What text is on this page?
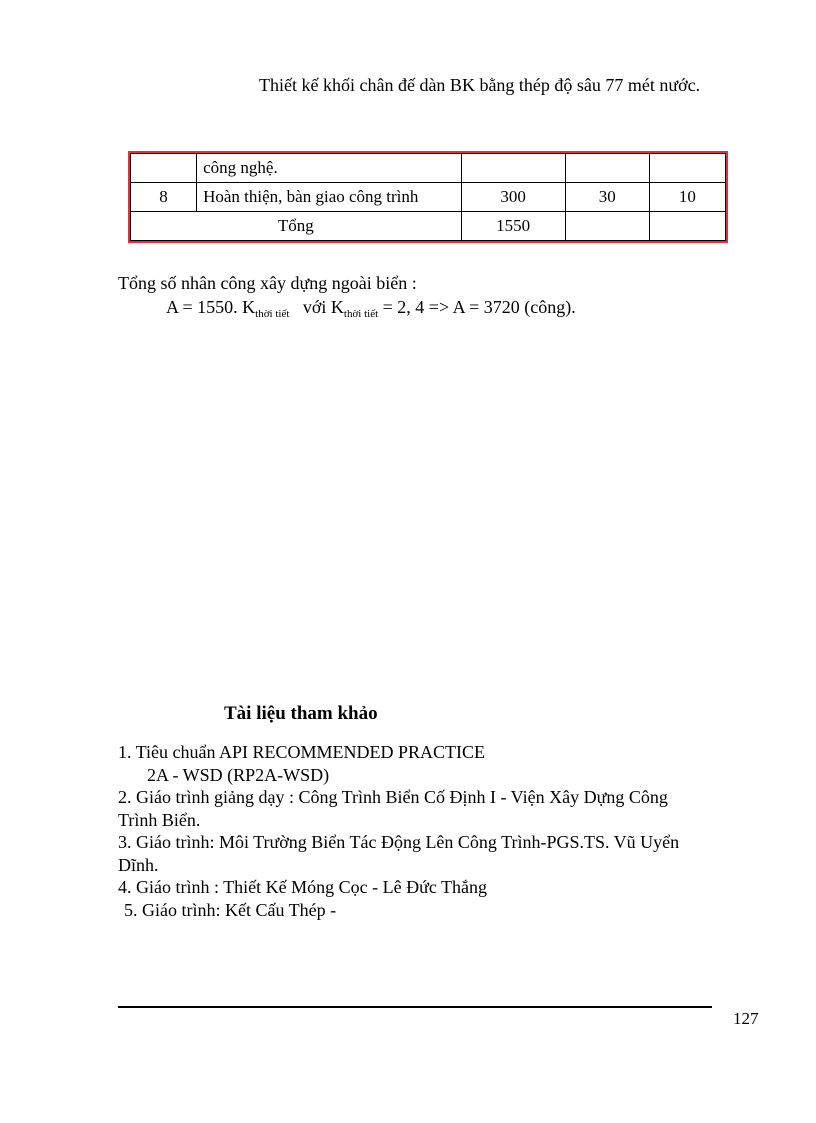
Thiết kế khối chân đế dàn BK bằng thép độ sâu 77 mét nước.
	công nghệ.			
8	Hoàn thiện, bàn giao công trình	300	30	10
Tổng		1550		
Tổng số nhân công xây dựng ngoài biển :
A = 1550. $K_{thời tiết}$ với $K_{thời tiết} = 2$, 4 => A = 3720 (công).
Tài liệu tham khảo
1. Tiêu chuẩn API RECOMMENDED PRACTICE
2A - WSD (RP2A-WSD)
2. Giáo trình giảng dạy : Công Trình Biển Cố Định I - Viện Xây Dựng Công
Trình Biển.
3. Giáo trình: Môi Trường Biển Tác Động Lên Công Trình-PGS.TS. Vũ Uyển
Dĩnh.
4. Giáo trình : Thiết Kế Móng Cọc - Lê Đức Thắng
5. Giáo trình: Kết Cấu Thép -
127
